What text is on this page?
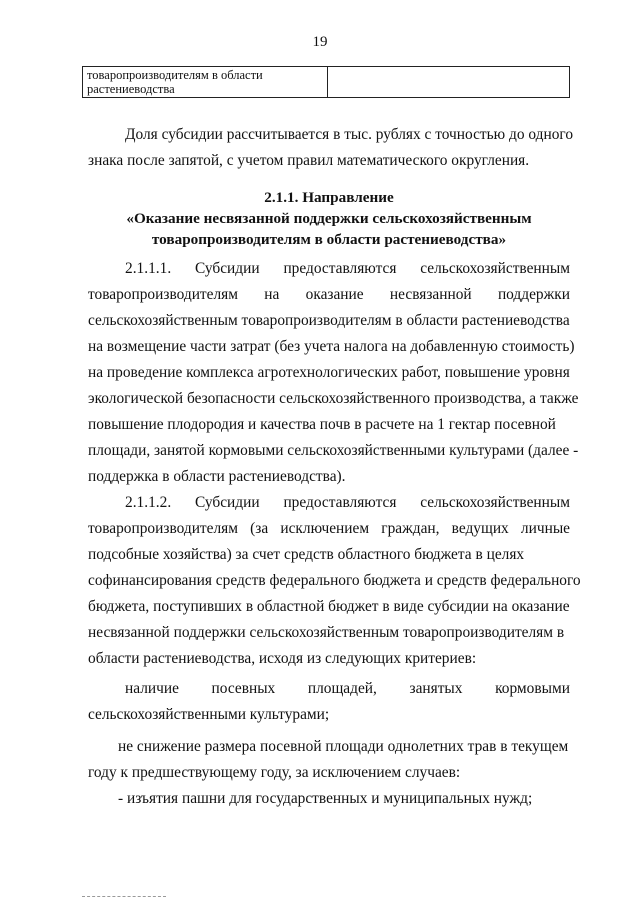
19
товаропроизводителям в области
растениеводства
Доля субсидии рассчитывается в тыс. рублях с точностью до одного
знака после запятой, с учетом правил математического округления.
2.1.1. Направление
«Оказание несвязанной поддержки сельскохозяйственным
товаропроизводителям в области растениеводства»
2.1.1.1. Субсидии предоставляются сельскохозяйственным
товаропроизводителям на оказание несвязанной поддержки
сельскохозяйственным товаропроизводителям в области растениеводства
на возмещение части затрат (без учета налога на добавленную стоимость)
на проведение комплекса агротехнологических работ, повышение уровня
экологической безопасности сельскохозяйственного производства, а также
повышение плодородия и качества почв в расчете на 1 гектар посевной
площади, занятой кормовыми сельскохозяйственными культурами (далее -
поддержка в области растениеводства).
2.1.1.2. Субсидии предоставляются сельскохозяйственным
товаропроизводителям (за исключением граждан, ведущих личные
подсобные хозяйства) за счет средств областного бюджета в целях
софинансирования средств федерального бюджета и средств федерального
бюджета, поступивших в областной бюджет в виде субсидии на оказание
несвязанной поддержки сельскохозяйственным товаропроизводителям в
области растениеводства, исходя из следующих критериев:
наличие посевных площадей, занятых кормовыми
сельскохозяйственными культурами;
не снижение размера посевной площади однолетних трав в текущем
году к предшествующему году, за исключением случаев:
- изъятия пашни для государственных и муниципальных нужд;
